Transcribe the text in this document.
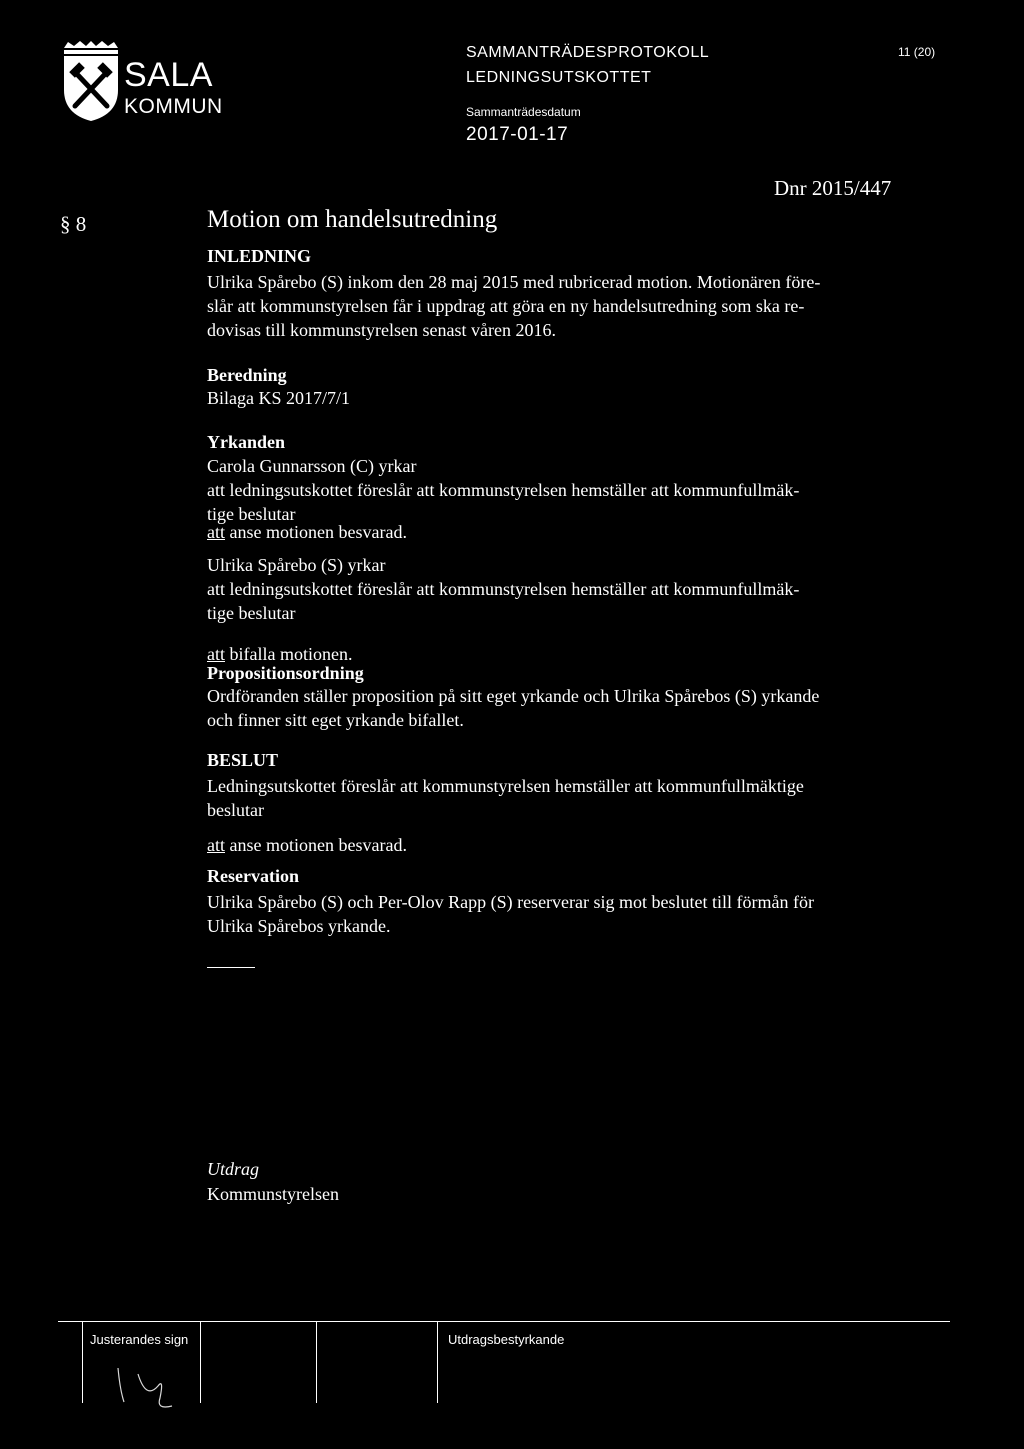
SALA
KOMMUN
SAMMANTRÄDESPROTOKOLL
LEDNINGSUTSKOTTET
Sammanträdesdatum
2017-01-17
11 (20)
Dnr 2015/447
§ 8	Motion om handelsutredning
INLEDNING
Ulrika Spårebo (S) inkom den 28 maj 2015 med rubricerad motion. Motionären före-
slår att kommunstyrelsen får i uppdrag att göra en ny handelsutredning som ska re-
dovisas till kommunstyrelsen senast våren 2016.
Beredning
Bilaga KS 2017/7/1
Yrkanden
Carola Gunnarsson (C) yrkar
att ledningsutskottet föreslår att kommunstyrelsen hemställer att kommunfullmäk-
tige beslutar
att anse motionen besvarad.
Ulrika Spårebo (S) yrkar
att ledningsutskottet föreslår att kommunstyrelsen hemställer att kommunfullmäk-
tige beslutar
att bifalla motionen.
Propositionsordning
Ordföranden ställer proposition på sitt eget yrkande och Ulrika Spårebos (S) yrkande
och finner sitt eget yrkande bifallet.
BESLUT
Ledningsutskottet föreslår att kommunstyrelsen hemställer att kommunfullmäktige
beslutar
att anse motionen besvarad.
Reservation
Ulrika Spårebo (S) och Per-Olov Rapp (S) reserverar sig mot beslutet till förmån för
Ulrika Spårebos yrkande.
Utdrag
Kommunstyrelsen
Justerandes sign	Utdragsbestyrkande
